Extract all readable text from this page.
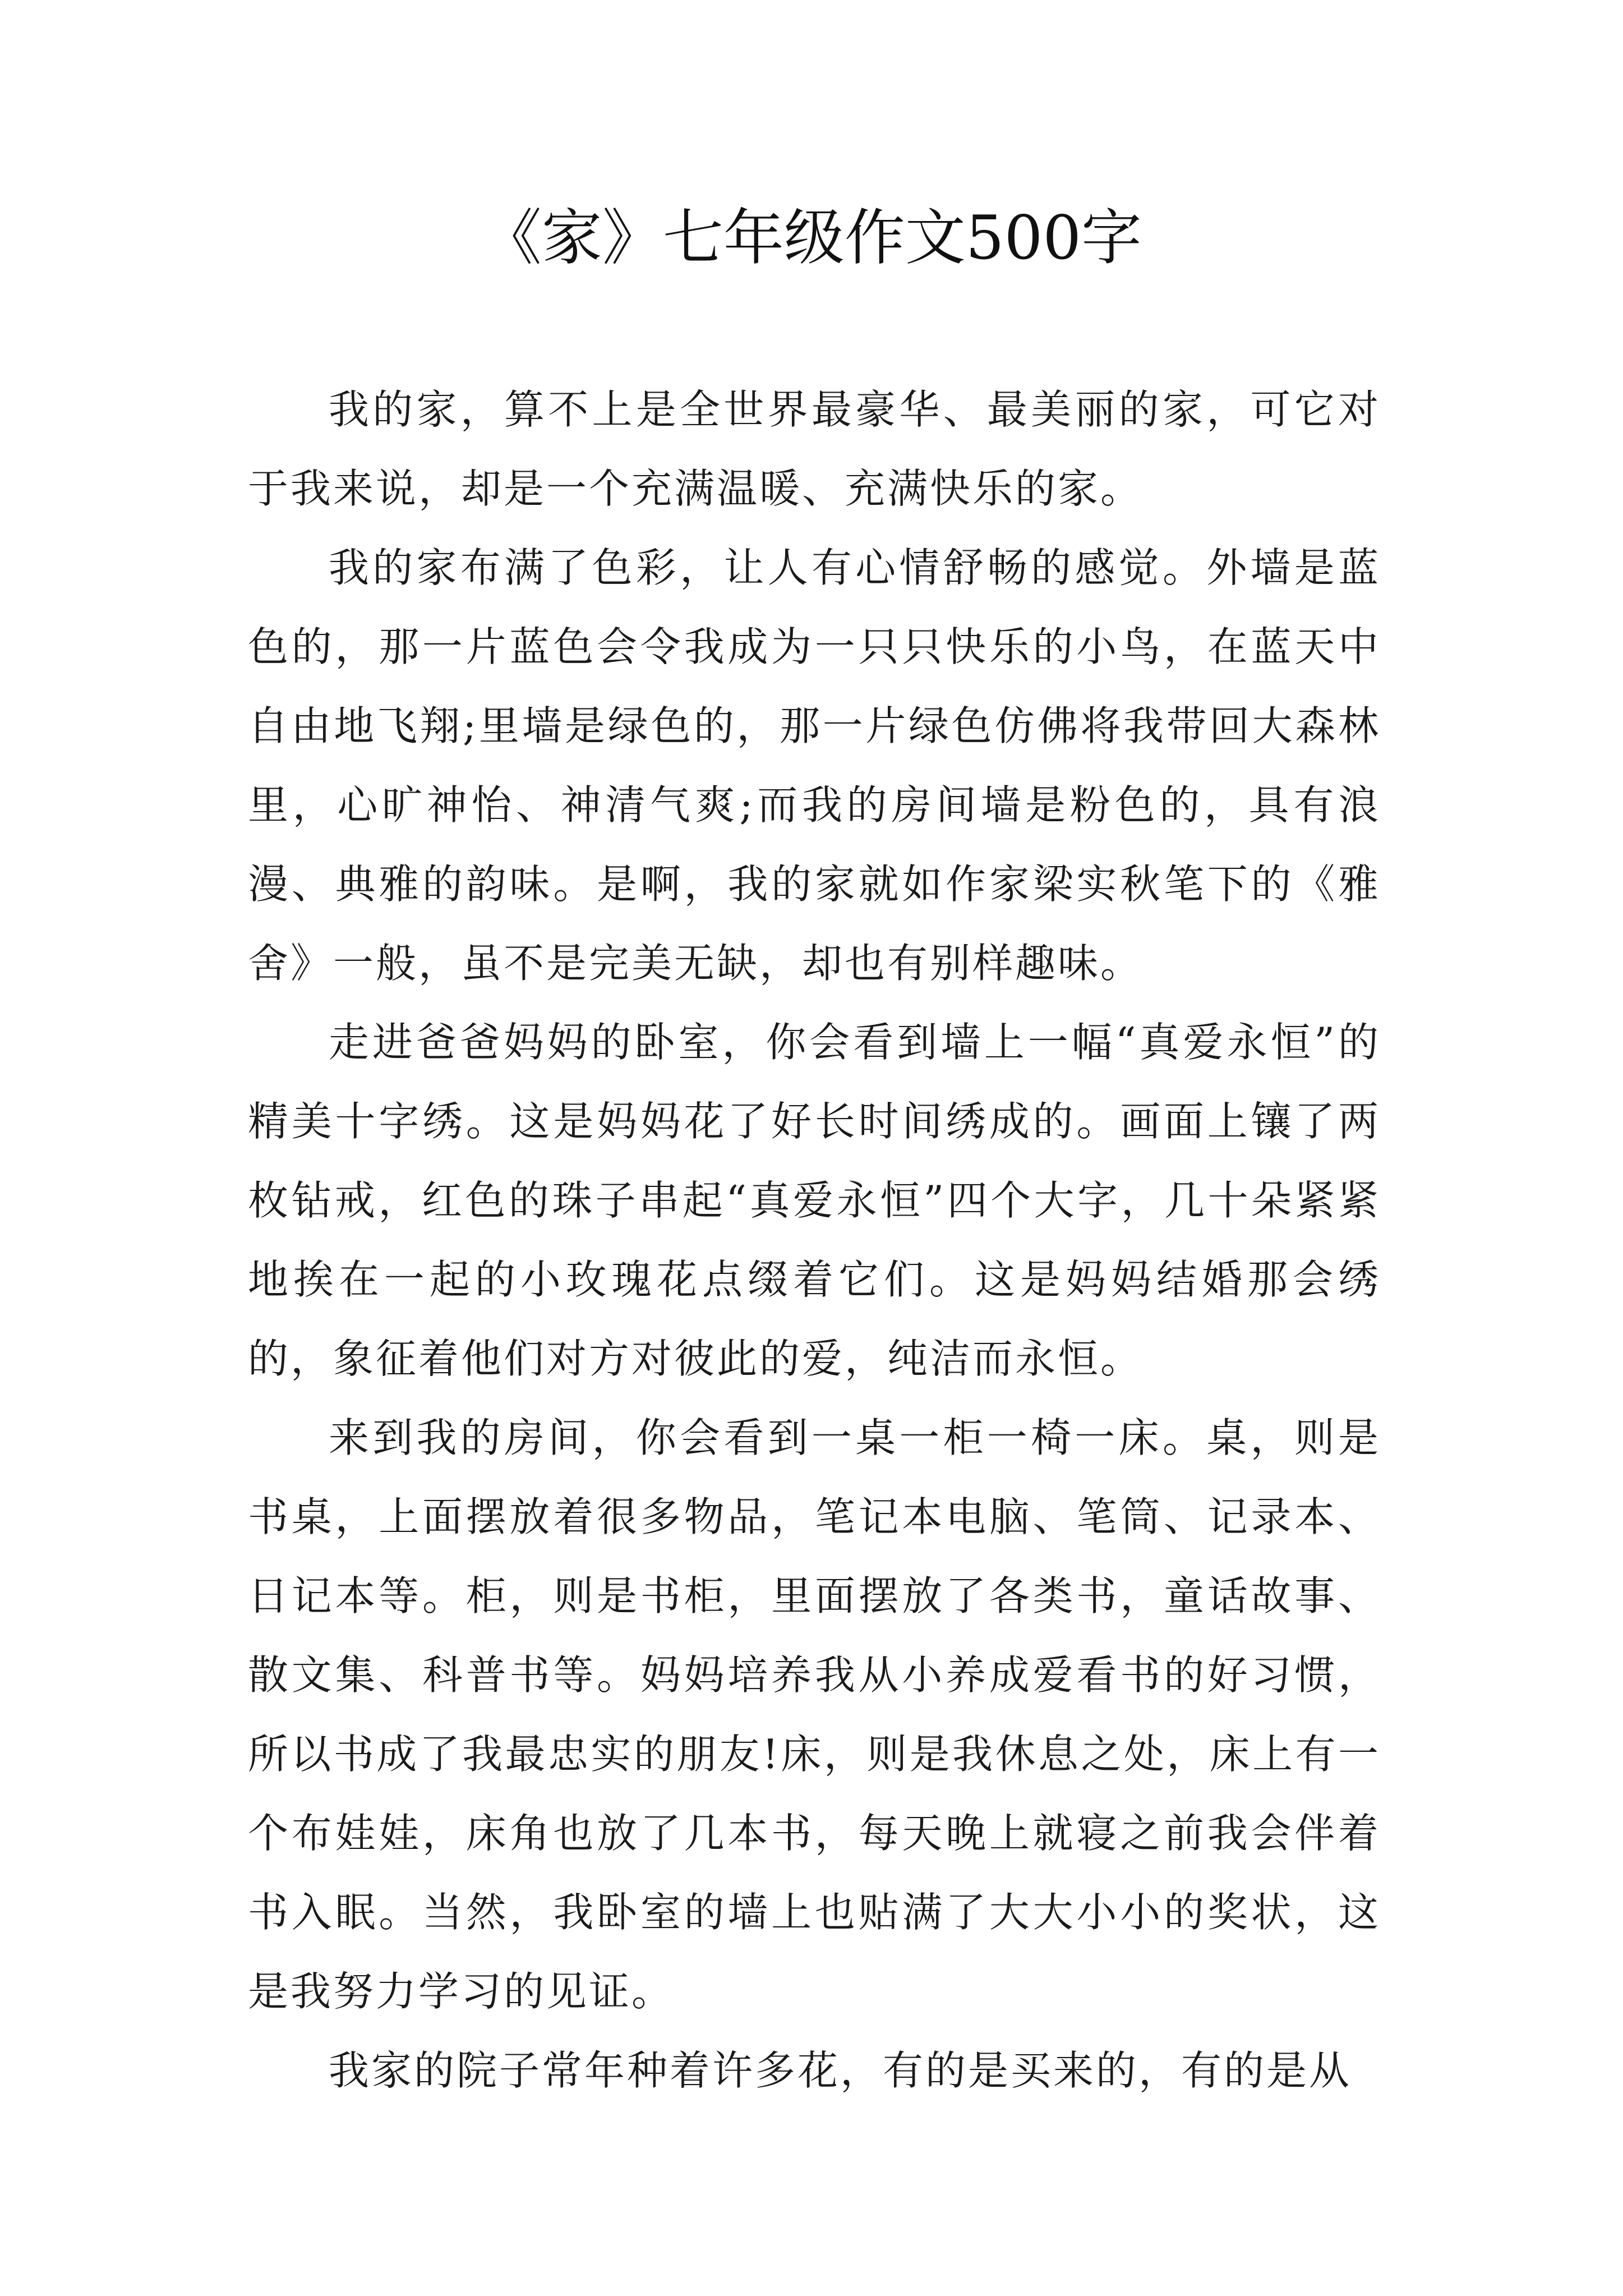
《家》七年级作文500字

我的家，算不上是全世界最豪华、最美丽的家，可它对于我来说，却是一个充满温暖、充满快乐的家。

我的家布满了色彩，让人有心情舒畅的感觉。外墙是蓝色的，那一片蓝色会令我成为一只只快乐的小鸟，在蓝天中自由地飞翔;里墙是绿色的，那一片绿色仿佛将我带回大森林里，心旷神怡、神清气爽;而我的房间墙是粉色的，具有浪漫、典雅的韵味。是啊，我的家就如作家梁实秋笔下的《雅舍》一般，虽不是完美无缺，却也有别样趣味。

走进爸爸妈妈的卧室，你会看到墙上一幅“真爱永恒”的精美十字绣。这是妈妈花了好长时间绣成的。画面上镶了两枚钻戒，红色的珠子串起“真爱永恒”四个大字，几十朵紧紧地挨在一起的小玫瑰花点缀着它们。这是妈妈结婚那会绣的，象征着他们对方对彼此的爱，纯洁而永恒。

来到我的房间，你会看到一桌一柜一椅一床。桌，则是书桌，上面摆放着很多物品，笔记本电脑、笔筒、记录本、日记本等。柜，则是书柜，里面摆放了各类书，童话故事、散文集、科普书等。妈妈培养我从小养成爱看书的好习惯，所以书成了我最忠实的朋友!床，则是我休息之处，床上有一个布娃娃，床角也放了几本书，每天晚上就寝之前我会伴着书入眠。当然，我卧室的墙上也贴满了大大小小的奖状，这是我努力学习的见证。

我家的院子常年种着许多花，有的是买来的，有的是从
